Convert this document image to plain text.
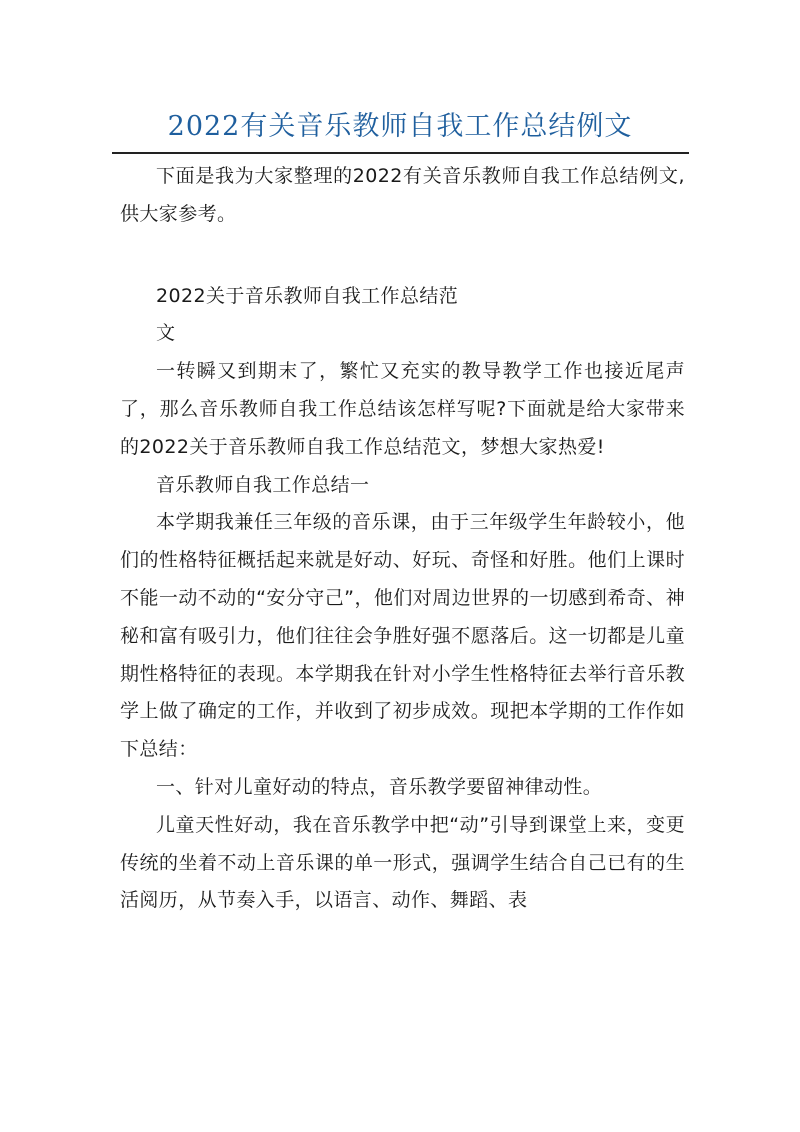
2022有关音乐教师自我工作总结例文

下面是我为大家整理的2022有关音乐教师自我工作总结例文,供大家参考。

2022关于音乐教师自我工作总结范

文

一转瞬又到期末了，繁忙又充实的教导教学工作也接近尾声了，那么音乐教师自我工作总结该怎样写呢?下面就是给大家带来的2022关于音乐教师自我工作总结范文，梦想大家热爱!

音乐教师自我工作总结一

本学期我兼任三年级的音乐课，由于三年级学生年龄较小，他们的性格特征概括起来就是好动、好玩、奇怪和好胜。他们上课时不能一动不动的“安分守己”，他们对周边世界的一切感到希奇、神秘和富有吸引力，他们往往会争胜好强不愿落后。这一切都是儿童期性格特征的表现。本学期我在针对小学生性格特征去举行音乐教学上做了确定的工作，并收到了初步成效。现把本学期的工作作如下总结：

一、针对儿童好动的特点，音乐教学要留神律动性。

儿童天性好动，我在音乐教学中把“动”引导到课堂上来，变更传统的坐着不动上音乐课的单一形式，强调学生结合自己已有的生活阅历，从节奏入手，以语言、动作、舞蹈、表
